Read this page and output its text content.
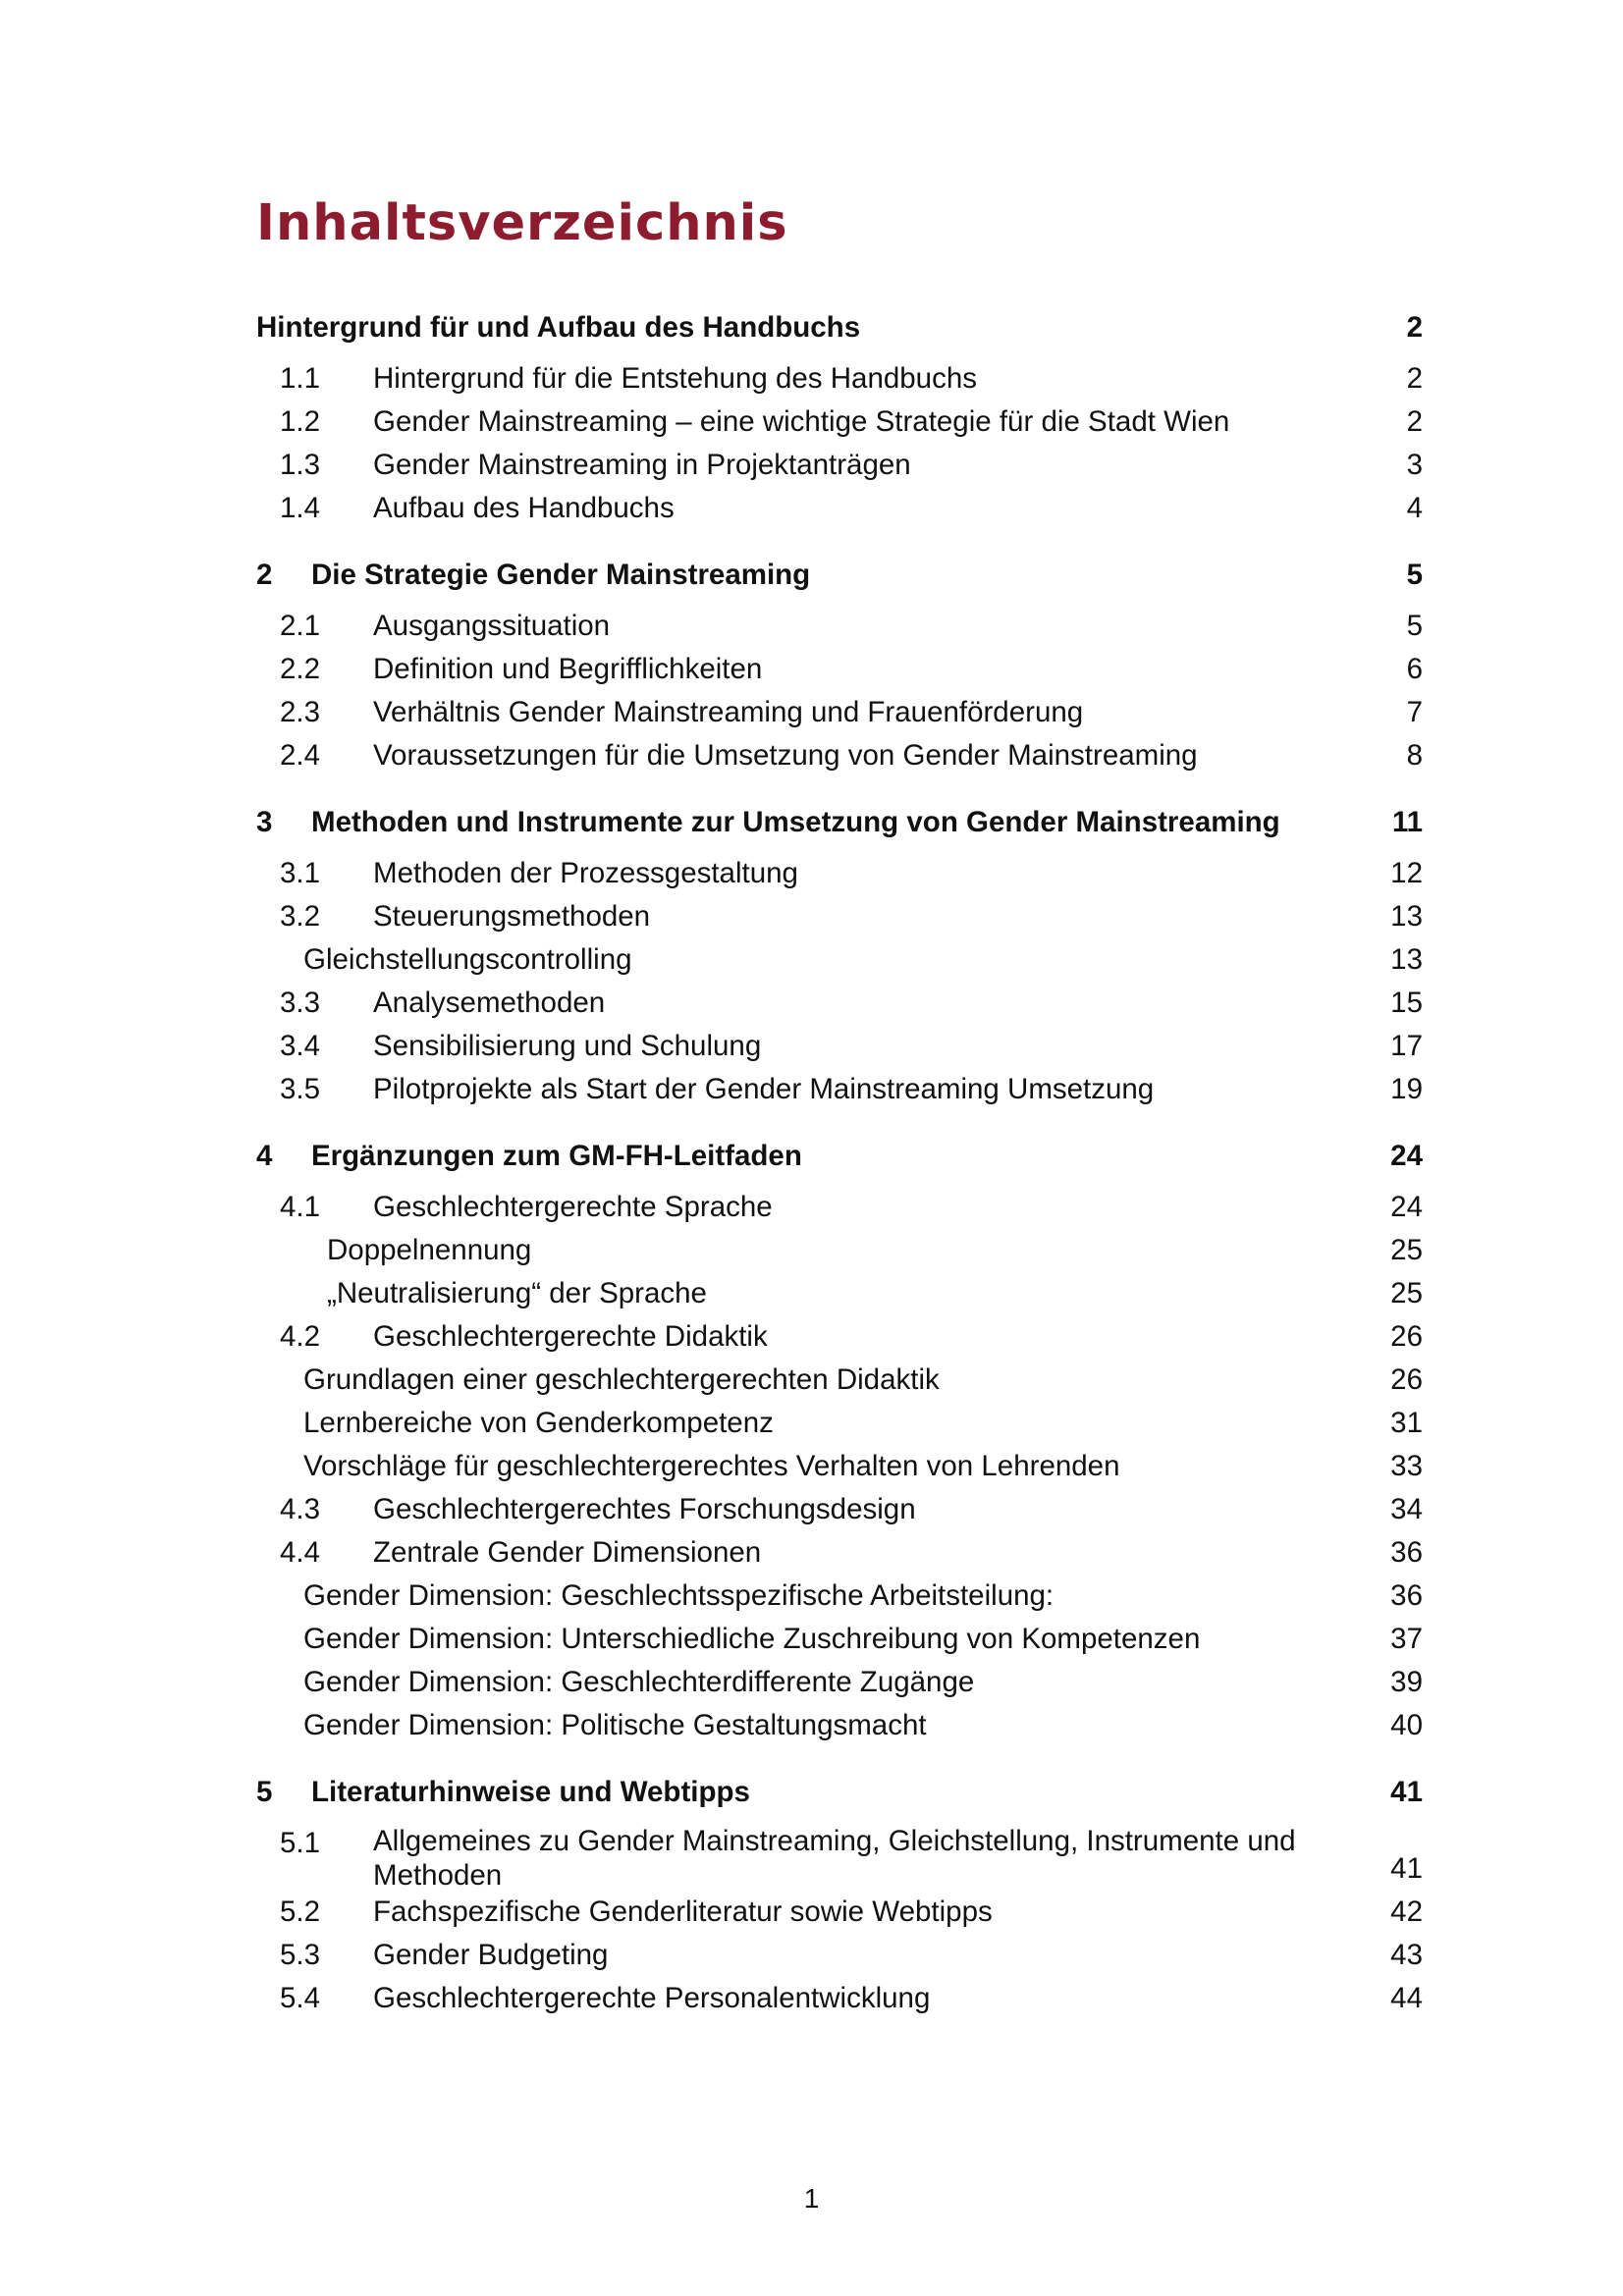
Inhaltsverzeichnis
Hintergrund für und Aufbau des Handbuchs	2
1.1 Hintergrund für die Entstehung des Handbuchs	2
1.2 Gender Mainstreaming – eine wichtige Strategie für die Stadt Wien	2
1.3 Gender Mainstreaming in Projektanträgen	3
1.4 Aufbau des Handbuchs	4
2 Die Strategie Gender Mainstreaming	5
2.1 Ausgangssituation	5
2.2 Definition und Begrifflichkeiten	6
2.3 Verhältnis Gender Mainstreaming und Frauenförderung	7
2.4 Voraussetzungen für die Umsetzung von Gender Mainstreaming	8
3 Methoden und Instrumente zur Umsetzung von Gender Mainstreaming	11
3.1 Methoden der Prozessgestaltung	12
3.2 Steuerungsmethoden	13
Gleichstellungscontrolling	13
3.3 Analysemethoden	15
3.4 Sensibilisierung und Schulung	17
3.5 Pilotprojekte als Start der Gender Mainstreaming Umsetzung	19
4 Ergänzungen zum GM-FH-Leitfaden	24
4.1 Geschlechtergerechte Sprache	24
Doppelnennung	25
„Neutralisierung“ der Sprache	25
4.2 Geschlechtergerechte Didaktik	26
Grundlagen einer geschlechtergerechten Didaktik	26
Lernbereiche von Genderkompetenz	31
Vorschläge für geschlechtergerechtes Verhalten von Lehrenden	33
4.3 Geschlechtergerechtes Forschungsdesign	34
4.4 Zentrale Gender Dimensionen	36
Gender Dimension: Geschlechtsspezifische Arbeitsteilung:	36
Gender Dimension: Unterschiedliche Zuschreibung von Kompetenzen	37
Gender Dimension: Geschlechterdifferente Zugänge	39
Gender Dimension: Politische Gestaltungsmacht	40
5 Literaturhinweise und Webtipps	41
5.1 Allgemeines zu Gender Mainstreaming, Gleichstellung, Instrumente und Methoden	41
5.2 Fachspezifische Genderliteratur sowie Webtipps	42
5.3 Gender Budgeting	43
5.4 Geschlechtergerechte Personalentwicklung	44
1
